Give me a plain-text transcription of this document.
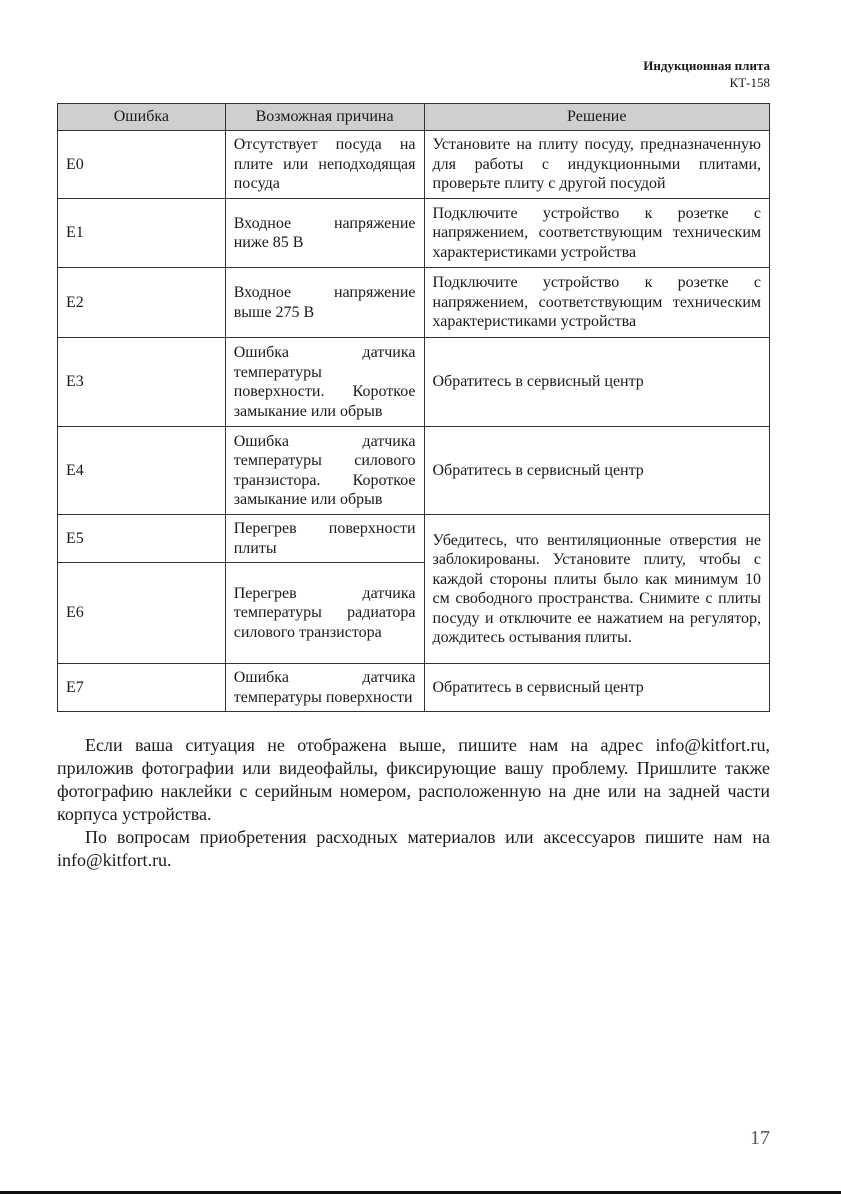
Индукционная плита
КТ-158
Ошибка	Возможная причина	Решение
E0	Отсутствует посуда на плите или неподходящая посуда	Установите на плиту посуду, предназначенную для работы с индукционными плитами, проверьте плиту с другой посудой
E1	Входное напряжение ниже 85 В	Подключите устройство к розетке с напряжением, соответствующим техническим характеристиками устройства
E2	Входное напряжение выше 275 В	Подключите устройство к розетке с напряжением, соответствующим техническим характеристиками устройства
E3	Ошибка датчика температуры поверхности. Короткое замыкание или обрыв	Обратитесь в сервисный центр
E4	Ошибка датчика температуры силового транзистора. Короткое замыкание или обрыв	Обратитесь в сервисный центр
E5	Перегрев поверхности плиты	Убедитесь, что вентиляционные отверстия не заблокированы. Установите плиту, чтобы с каждой стороны плиты было как минимум 10 см свободного пространства. Снимите с плиты посуду и отключите ее нажатием на регулятор, дождитесь остывания плиты.
E6	Перегрев датчика температуры радиатора силового транзистора	
E7	Ошибка датчика температуры поверхности	Обратитесь в сервисный центр

Если ваша ситуация не отображена выше, пишите нам на адрес info@kitfort.ru, приложив фотографии или видеофайлы, фиксирующие вашу проблему. Пришлите также фотографию наклейки с серийным номером, расположенную на дне или на задней части корпуса устройства.

По вопросам приобретения расходных материалов или аксессуаров пишите нам на info@kitfort.ru.

17
